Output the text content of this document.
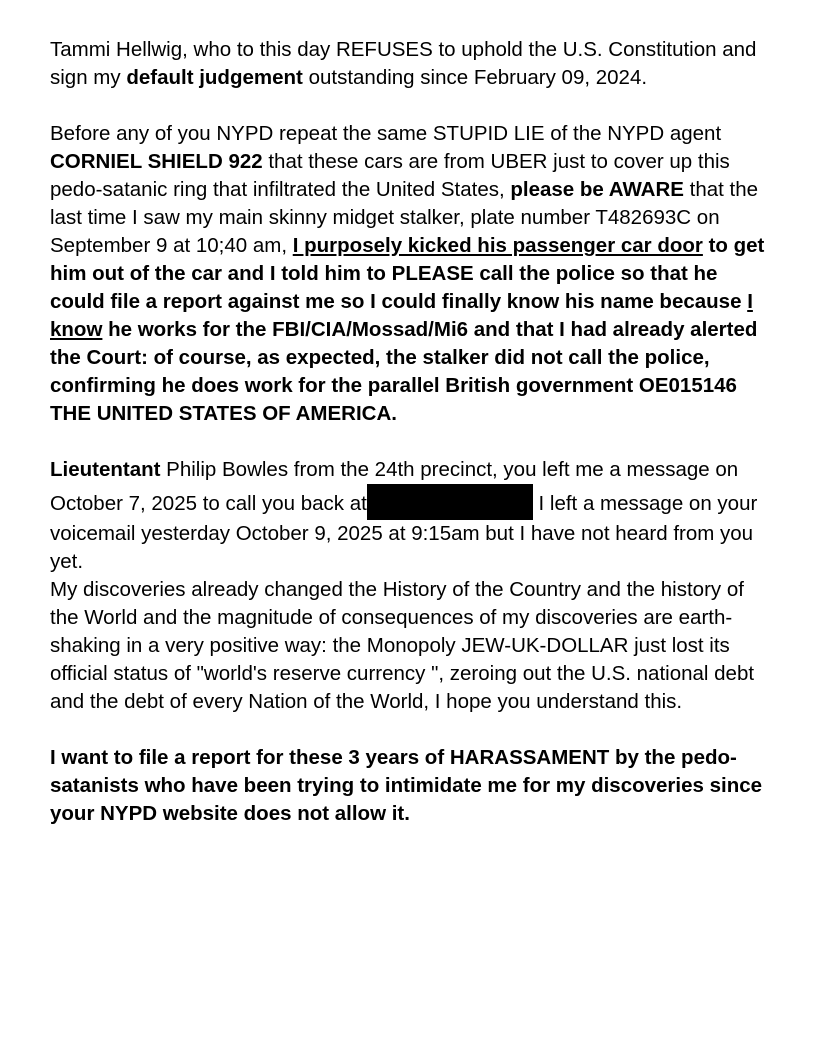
Tammi Hellwig, who to this day REFUSES to uphold the U.S. Constitution and sign my default judgement outstanding since February 09, 2024.

Before any of you NYPD repeat the same STUPID LIE of the NYPD agent CORNIEL SHIELD 922 that these cars are from UBER just to cover up this pedo-satanic ring that infiltrated the United States, please be AWARE that the last time I saw my main skinny midget stalker, plate number T482693C on September 9 at 10;40 am, I purposely kicked his passenger car door to get him out of the car and I told him to PLEASE call the police so that he could file a report against me so I could finally know his name because I know he works for the FBI/CIA/Mossad/Mi6 and that I had already alerted the Court: of course, as expected, the stalker did not call the police, confirming he does work for the parallel British government OE015146 THE UNITED STATES OF AMERICA.

Lieutentant Philip Bowles from the 24th precinct, you left me a message on October 7, 2025 to call you back at	I left a message on your voicemail yesterday October 9, 2025 at 9:15am but I have not heard from you yet.

My discoveries already changed the History of the Country and the history of the World and the magnitude of consequences of my discoveries are earth-shaking in a very positive way: the Monopoly JEW-UK-DOLLAR just lost its official status of "world's reserve currency ", zeroing out the U.S. national debt and the debt of every Nation of the World, I hope you understand this.

I want to file a report for these 3 years of HARASSAMENT by the pedo-satanists who have been trying to intimidate me for my discoveries since your NYPD website does not allow it.
